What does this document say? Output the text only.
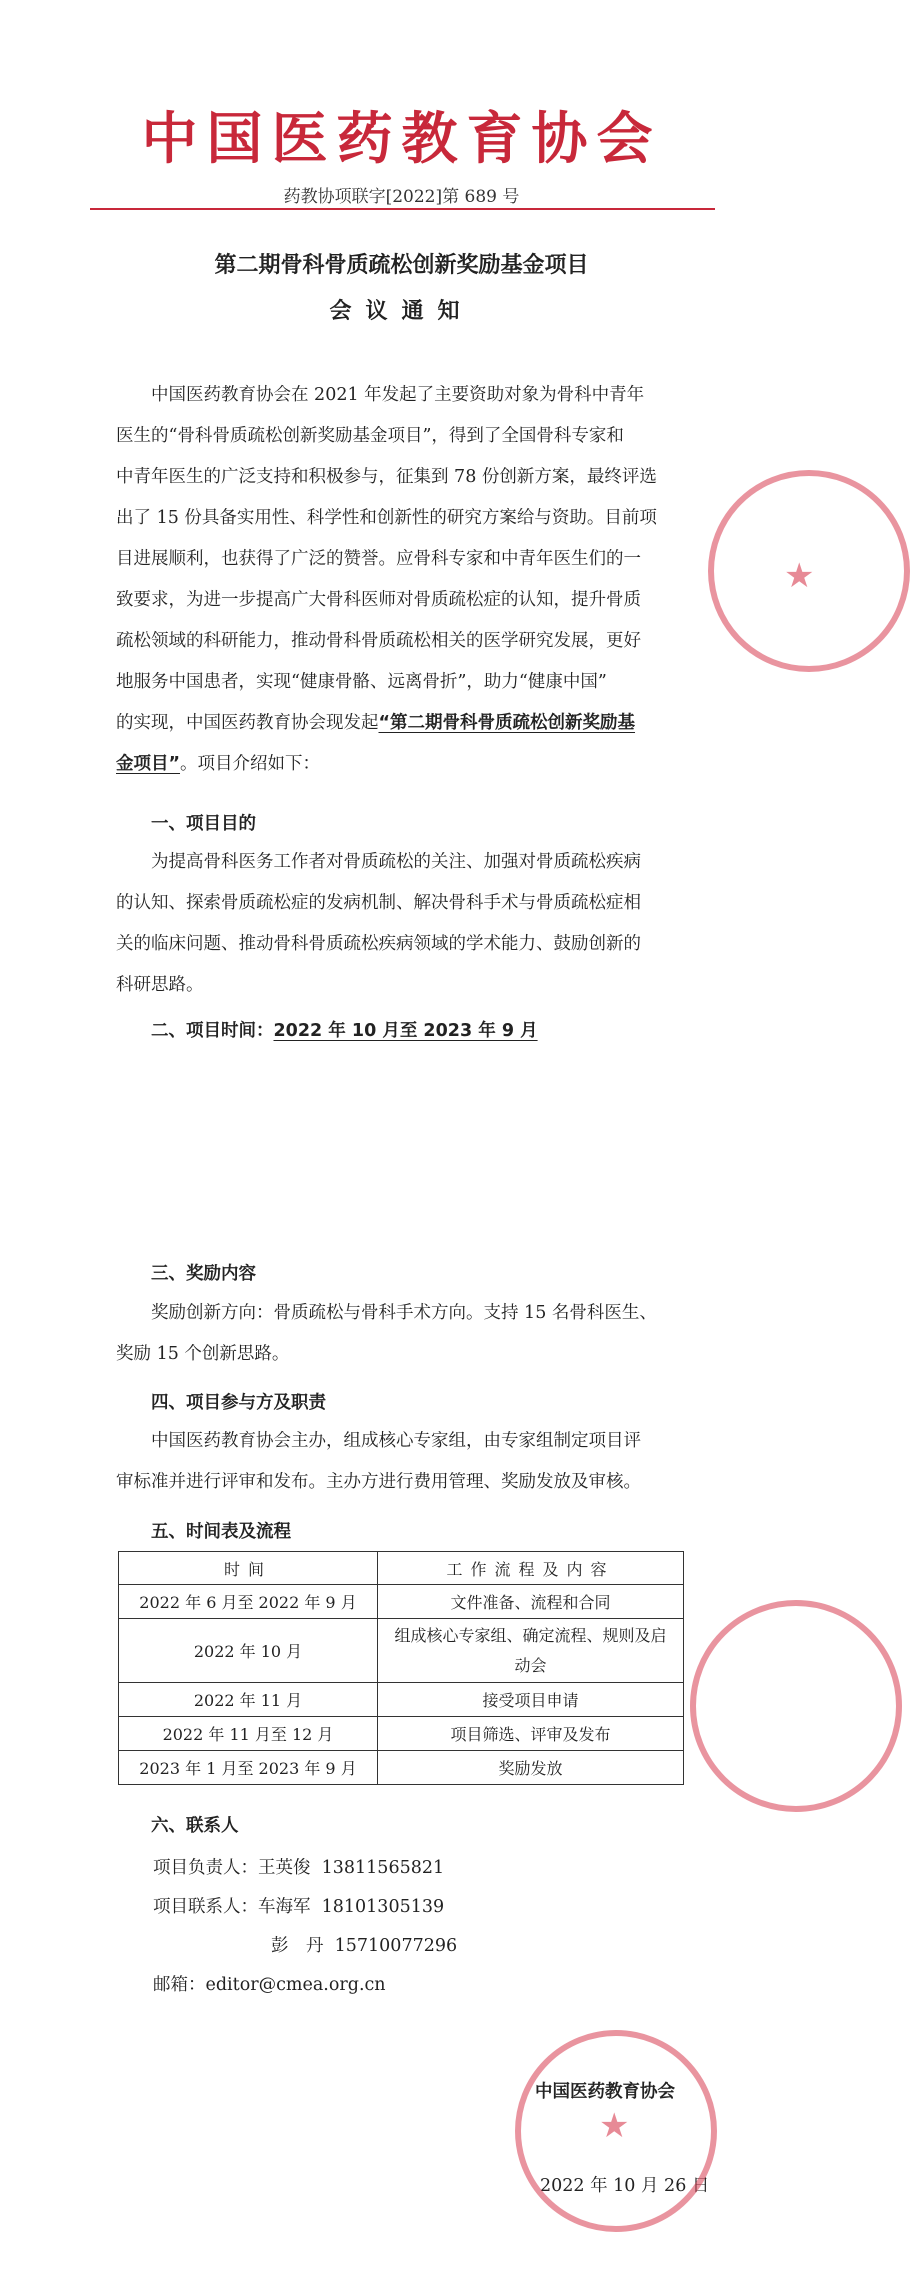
中国医药教育协会
药教协项联字[2022]第 689 号
第二期骨科骨质疏松创新奖励基金项目
会议通知
中国医药教育协会在 2021 年发起了主要资助对象为骨科中青年
医生的“骨科骨质疏松创新奖励基金项目”，得到了全国骨科专家和
中青年医生的广泛支持和积极参与，征集到 78 份创新方案，最终评选
出了 15 份具备实用性、科学性和创新性的研究方案给与资助。目前项
目进展顺利，也获得了广泛的赞誉。应骨科专家和中青年医生们的一
致要求，为进一步提高广大骨科医师对骨质疏松症的认知，提升骨质
疏松领域的科研能力，推动骨科骨质疏松相关的医学研究发展，更好
地服务中国患者，实现“健康骨骼、远离骨折”，助力“健康中国”
的实现，中国医药教育协会现发起“第二期骨科骨质疏松创新奖励基
金项目”。项目介绍如下：
一、项目目的
为提高骨科医务工作者对骨质疏松的关注、加强对骨质疏松疾病
的认知、探索骨质疏松症的发病机制、解决骨科手术与骨质疏松症相
关的临床问题、推动骨科骨质疏松疾病领域的学术能力、鼓励创新的
科研思路。
二、项目时间：2022 年 10 月至 2023 年 9 月
三、奖励内容
奖励创新方向：骨质疏松与骨科手术方向。支持 15 名骨科医生、
奖励 15 个创新思路。
四、项目参与方及职责
中国医药教育协会主办，组成核心专家组，由专家组制定项目评
审标准并进行评审和发布。主办方进行费用管理、奖励发放及审核。
五、时间表及流程
时间	工作流程及内容
2022 年 6 月至 2022 年 9 月	文件准备、流程和合同
2022 年 10 月	组成核心专家组、确定流程、规则及启动会
2022 年 11 月	接受项目申请
2022 年 11 月至 12 月	项目筛选、评审及发布
2023 年 1 月至 2023 年 9 月	奖励发放
六、联系人
项目负责人：王英俊 13811565821
项目联系人：车海军 18101305139
彭　丹 15710077296
邮箱：editor@cmea.org.cn
中国医药教育协会
2022 年 10 月 26 日
★
★
